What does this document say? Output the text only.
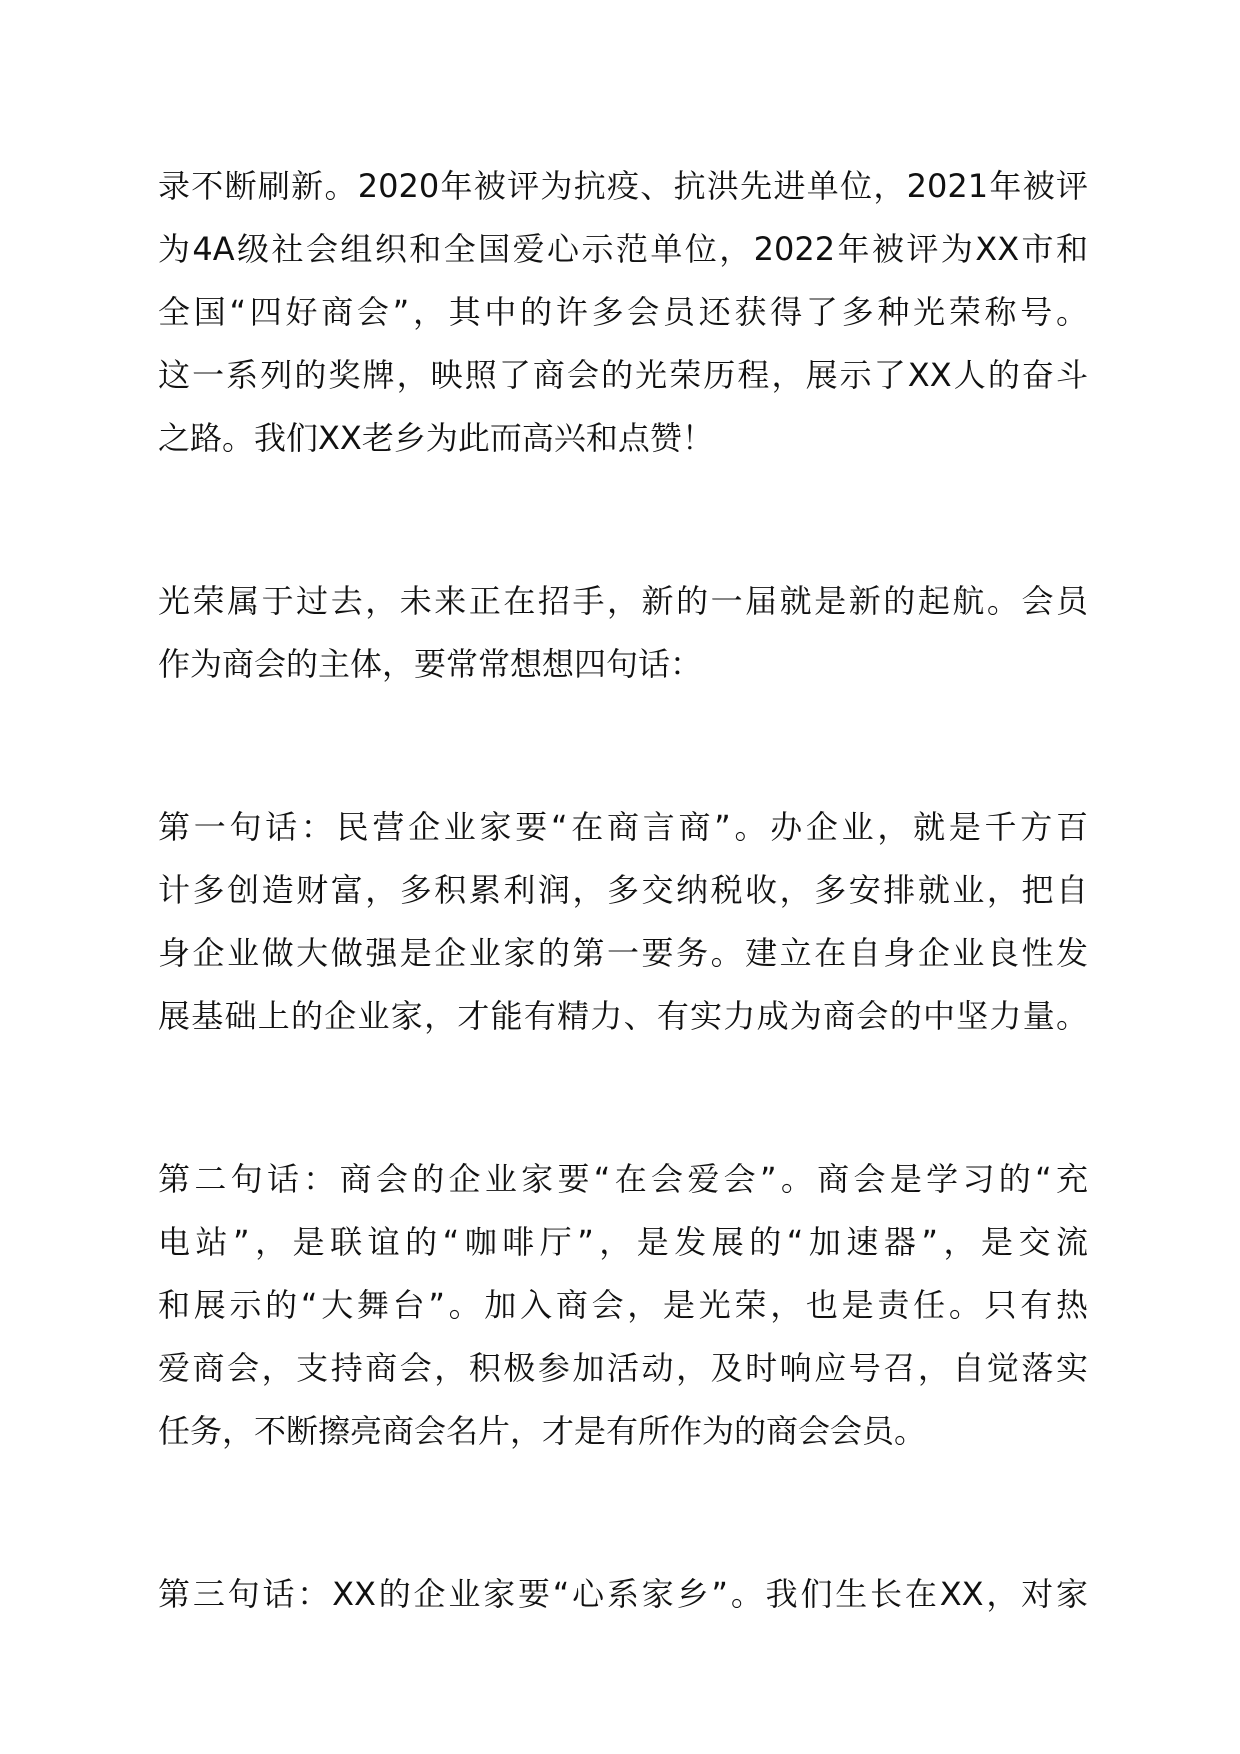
录不断刷新。2020年被评为抗疫、抗洪先进单位，2021年被评
为4A级社会组织和全国爱心示范单位，2022年被评为XX市和
全国“四好商会”，其中的许多会员还获得了多种光荣称号。
这一系列的奖牌，映照了商会的光荣历程，展示了XX人的奋斗
之路。我们XX老乡为此而高兴和点赞！
光荣属于过去，未来正在招手，新的一届就是新的起航。会员
作为商会的主体，要常常想想四句话：
第一句话：民营企业家要“在商言商”。办企业，就是千方百
计多创造财富，多积累利润，多交纳税收，多安排就业，把自
身企业做大做强是企业家的第一要务。建立在自身企业良性发
展基础上的企业家，才能有精力、有实力成为商会的中坚力量。
第二句话：商会的企业家要“在会爱会”。商会是学习的“充
电站”，是联谊的“咖啡厅”，是发展的“加速器”，是交流
和展示的“大舞台”。加入商会，是光荣，也是责任。只有热
爱商会，支持商会，积极参加活动，及时响应号召，自觉落实
任务，不断擦亮商会名片，才是有所作为的商会会员。
第三句话：XX的企业家要“心系家乡”。我们生长在XX，对家
